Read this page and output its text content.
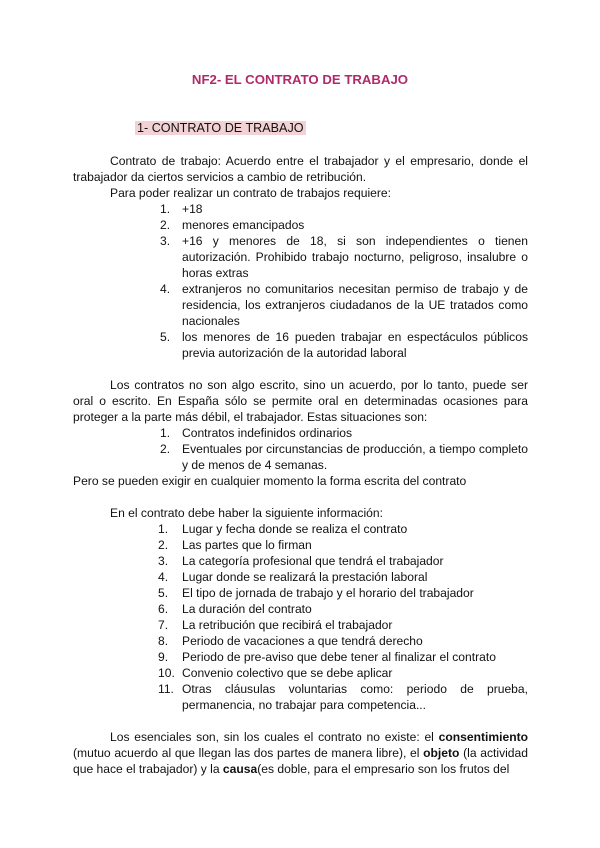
NF2- EL CONTRATO DE TRABAJO
1- CONTRATO DE TRABAJO
Contrato de trabajo: Acuerdo entre el trabajador y el empresario, donde el trabajador da ciertos servicios a cambio de retribución.
Para poder realizar un contrato de trabajos requiere:
1. +18
2. menores emancipados
3. +16 y menores de 18, si son independientes o tienen autorización. Prohibido trabajo nocturno, peligroso, insalubre o horas extras
4. extranjeros no comunitarios necesitan permiso de trabajo y de residencia, los extranjeros ciudadanos de la UE tratados como nacionales
5. los menores de 16 pueden trabajar en espectáculos públicos previa autorización de la autoridad laboral
Los contratos no son algo escrito, sino un acuerdo, por lo tanto, puede ser oral o escrito. En España sólo se permite oral en determinadas ocasiones para proteger a la parte más débil, el trabajador. Estas situaciones son:
1. Contratos indefinidos ordinarios
2. Eventuales por circunstancias de producción, a tiempo completo y de menos de 4 semanas.
Pero se pueden exigir en cualquier momento la forma escrita del contrato
En el contrato debe haber la siguiente información:
1.	Lugar y fecha donde se realiza el contrato
2.	Las partes que lo firman
3.	La categoría profesional que tendrá el trabajador
4.	Lugar donde se realizará la prestación laboral
5.	El tipo de jornada de trabajo y el horario del trabajador
6.	La duración del contrato
7.	La retribución que recibirá el trabajador
8.	Periodo de vacaciones a que tendrá derecho
9.	Periodo de pre-aviso que debe tener al finalizar el contrato
10. Convenio colectivo que se debe aplicar
11. Otras cláusulas voluntarias como: periodo de prueba, permanencia, no trabajar para competencia...
Los esenciales son, sin los cuales el contrato no existe: el consentimiento (mutuo acuerdo al que llegan las dos partes de manera libre), el objeto (la actividad que hace el trabajador) y la causa(es doble, para el empresario son los frutos del
